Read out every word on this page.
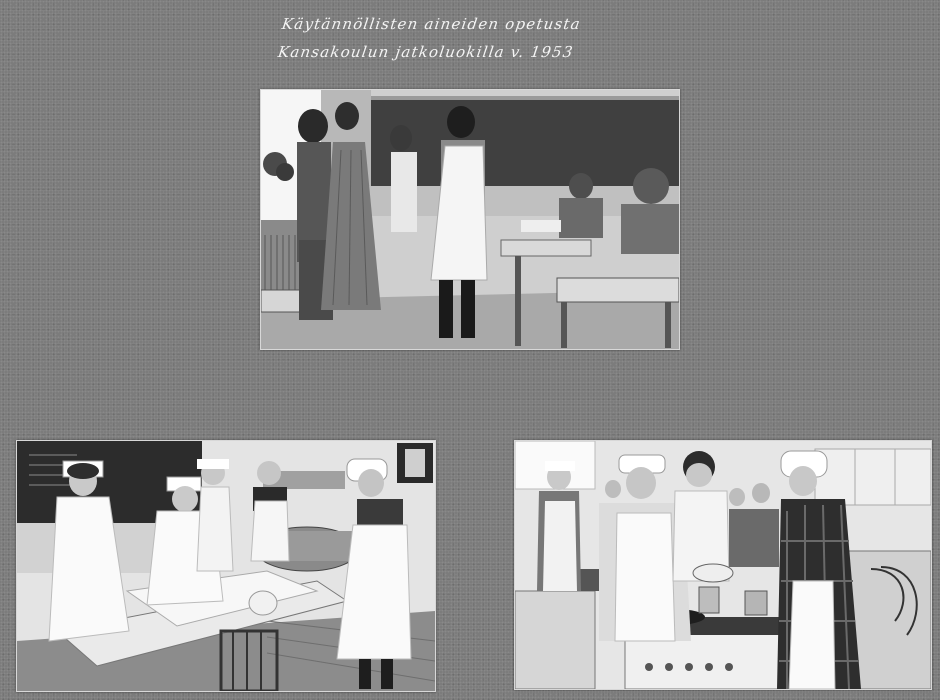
Käytännöllisten aineiden opetusta
Kansakoulun jatkoluokilla v. 1953
